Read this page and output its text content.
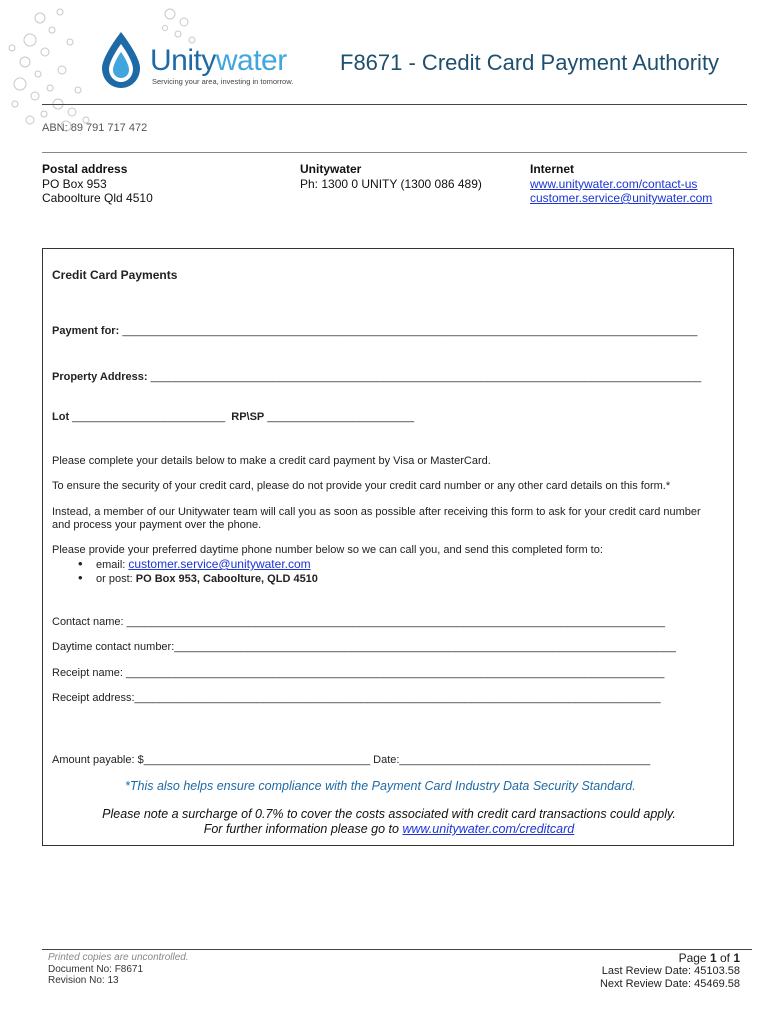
Unitywater
Servicing your area, investing in tomorrow.
F8671 - Credit Card Payment Authority
ABN: 89 791 717 472
Postal address
PO Box 953
Caboolture Qld 4510
Unitywater
Ph: 1300 0 UNITY (1300 086 489)
Internet
www.unitywater.com/contact-us
customer.service@unitywater.com
Credit Card Payments
Payment for: ______________________________________________________________________________________________
Property Address: __________________________________________________________________________________________
Lot _________________________ RP\SP ________________________
Please complete your details below to make a credit card payment by Visa or MasterCard.
To ensure the security of your credit card, please do not provide your credit card number or any other card details on this form.*
Instead, a member of our Unitywater team will call you as soon as possible after receiving this form to ask for your credit card number and process your payment over the phone.
Please provide your preferred daytime phone number below so we can call you, and send this completed form to:
• email: customer.service@unitywater.com
• or post: PO Box 953, Caboolture, QLD 4510
Contact name: ________________________________________________________________________________________
Daytime contact number:__________________________________________________________________________________
Receipt name: ________________________________________________________________________________________
Receipt address:______________________________________________________________________________________
Amount payable: $_____________________________________ Date:_________________________________________
*This also helps ensure compliance with the Payment Card Industry Data Security Standard.
Please note a surcharge of 0.7% to cover the costs associated with credit card transactions could apply.
For further information please go to www.unitywater.com/creditcard
Printed copies are uncontrolled.
Document No: F8671
Revision No: 13
Page 1 of 1
Last Review Date: 45103.58
Next Review Date: 45469.58
